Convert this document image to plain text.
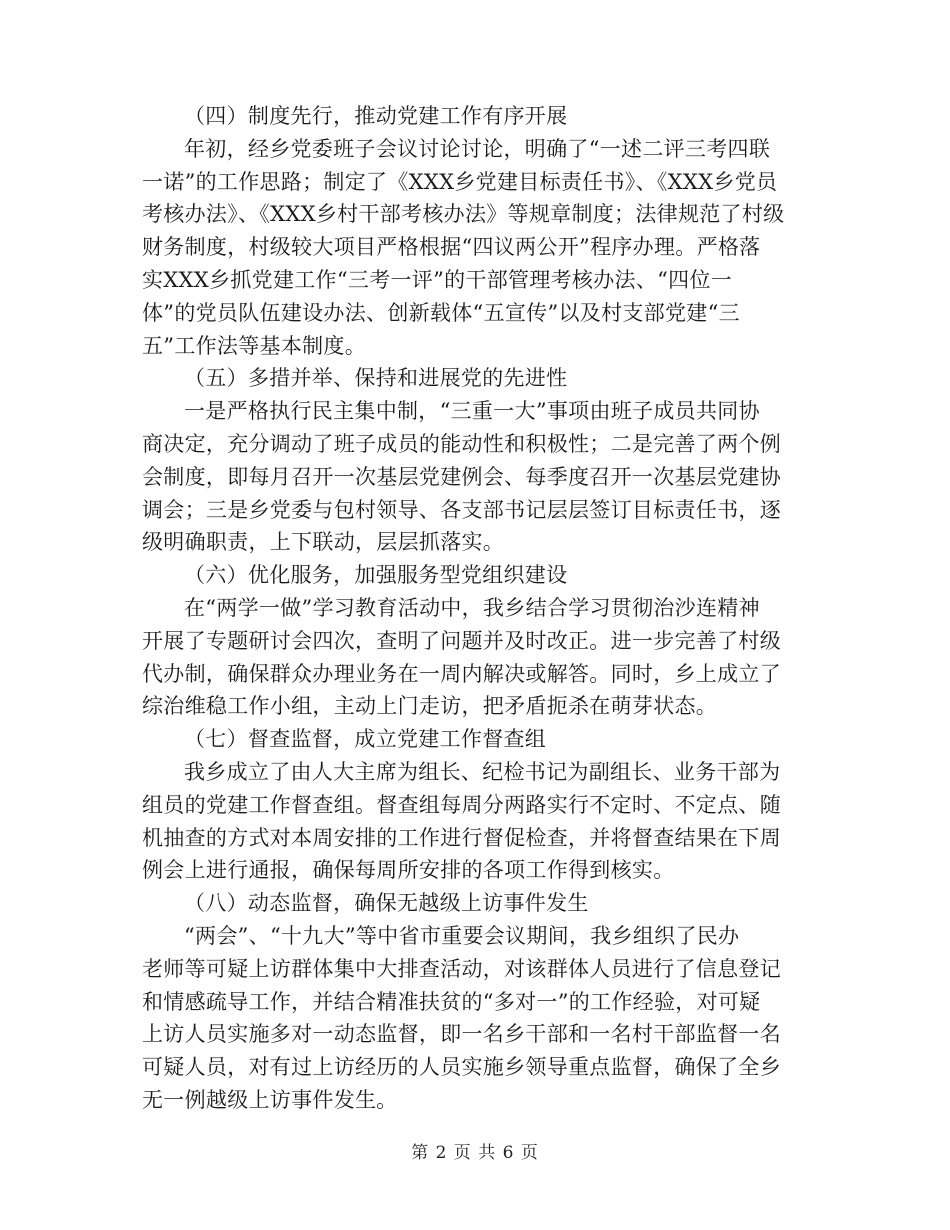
（四）制度先行，推动党建工作有序开展

年初，经乡党委班子会议讨论讨论，明确了“一述二评三考四联

一诺”的工作思路；制定了《XXX乡党建目标责任书》、《XXX乡党员

考核办法》、《XXX乡村干部考核办法》等规章制度；法律规范了村级

财务制度，村级较大项目严格根据“四议两公开”程序办理。严格落

实XXX乡抓党建工作“三考一评”的干部管理考核办法、“四位一

体”的党员队伍建设办法、创新载体“五宣传”以及村支部党建“三

五”工作法等基本制度。

（五）多措并举、保持和进展党的先进性

一是严格执行民主集中制，“三重一大”事项由班子成员共同协

商决定，充分调动了班子成员的能动性和积极性；二是完善了两个例

会制度，即每月召开一次基层党建例会、每季度召开一次基层党建协

调会；三是乡党委与包村领导、各支部书记层层签订目标责任书，逐

级明确职责，上下联动，层层抓落实。

（六）优化服务，加强服务型党组织建设

在“两学一做”学习教育活动中，我乡结合学习贯彻治沙连精神

开展了专题研讨会四次，查明了问题并及时改正。进一步完善了村级

代办制，确保群众办理业务在一周内解决或解答。同时，乡上成立了

综治维稳工作小组，主动上门走访，把矛盾扼杀在萌芽状态。

（七）督查监督，成立党建工作督查组

我乡成立了由人大主席为组长、纪检书记为副组长、业务干部为

组员的党建工作督查组。督查组每周分两路实行不定时、不定点、随

机抽查的方式对本周安排的工作进行督促检查，并将督查结果在下周

例会上进行通报，确保每周所安排的各项工作得到核实。

（八）动态监督，确保无越级上访事件发生

“两会”、“十九大”等中省市重要会议期间，我乡组织了民办

老师等可疑上访群体集中大排查活动，对该群体人员进行了信息登记

和情感疏导工作，并结合精准扶贫的“多对一”的工作经验，对可疑

上访人员实施多对一动态监督，即一名乡干部和一名村干部监督一名

可疑人员，对有过上访经历的人员实施乡领导重点监督，确保了全乡

无一例越级上访事件发生。

第 2 页 共 6 页
